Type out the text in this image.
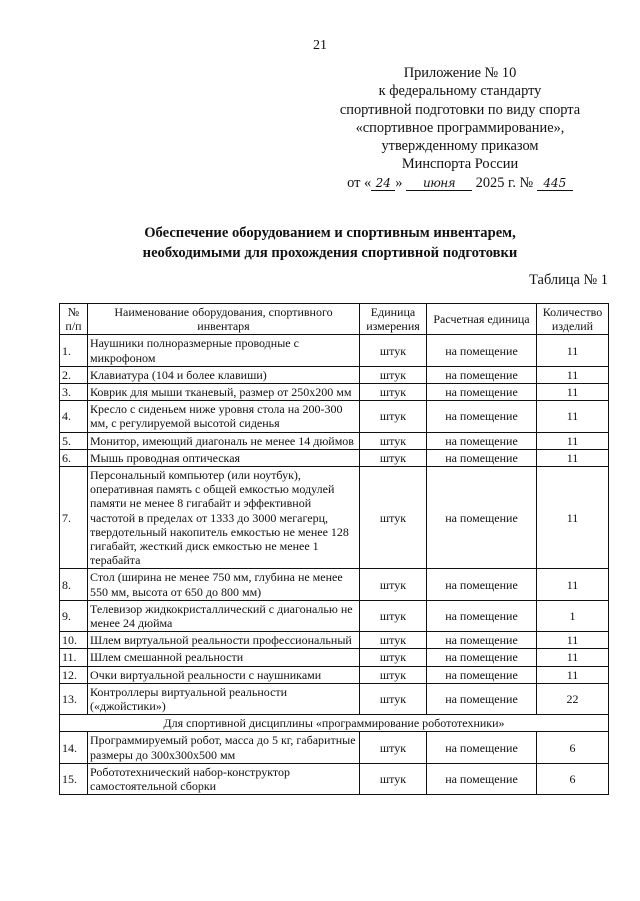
21
Приложение № 10
к федеральному стандарту
спортивной подготовки по виду спорта
«спортивное программирование»,
утвержденному приказом
Минспорта России
от « 24 » июня 2025 г. № 445
Обеспечение оборудованием и спортивным инвентарем,
необходимыми для прохождения спортивной подготовки
Таблица № 1
№ п/п	Наименование оборудования, спортивного инвентаря	Единица измерения	Расчетная единица	Количество изделий
1.	Наушники полноразмерные проводные с микрофоном	штук	на помещение	11
2.	Клавиатура (104 и более клавиши)	штук	на помещение	11
3.	Коврик для мыши тканевый, размер от 250х200 мм	штук	на помещение	11
4.	Кресло с сиденьем ниже уровня стола на 200-300 мм, с регулируемой высотой сиденья	штук	на помещение	11
5.	Монитор, имеющий диагональ не менее 14 дюймов	штук	на помещение	11
6.	Мышь проводная оптическая	штук	на помещение	11
7.	Персональный компьютер (или ноутбук), оперативная память с общей емкостью модулей памяти не менее 8 гигабайт и эффективной частотой в пределах от 1333 до 3000 мегагерц, твердотельный накопитель емкостью не менее 128 гигабайт, жесткий диск емкостью не менее 1 терабайта	штук	на помещение	11
8.	Стол (ширина не менее 750 мм, глубина не менее 550 мм, высота от 650 до 800 мм)	штук	на помещение	11
9.	Телевизор жидкокристаллический с диагональю не менее 24 дюйма	штук	на помещение	1
10.	Шлем виртуальной реальности профессиональный	штук	на помещение	11
11.	Шлем смешанной реальности	штук	на помещение	11
12.	Очки виртуальной реальности с наушниками	штук	на помещение	11
13.	Контроллеры виртуальной реальности («джойстики»)	штук	на помещение	22
Для спортивной дисциплины «программирование робототехники»				
14.	Программируемый робот, масса до 5 кг, габаритные размеры до 300х300х500 мм	штук	на помещение	6
15.	Робототехнический набор-конструктор самостоятельной сборки	штук	на помещение	6
